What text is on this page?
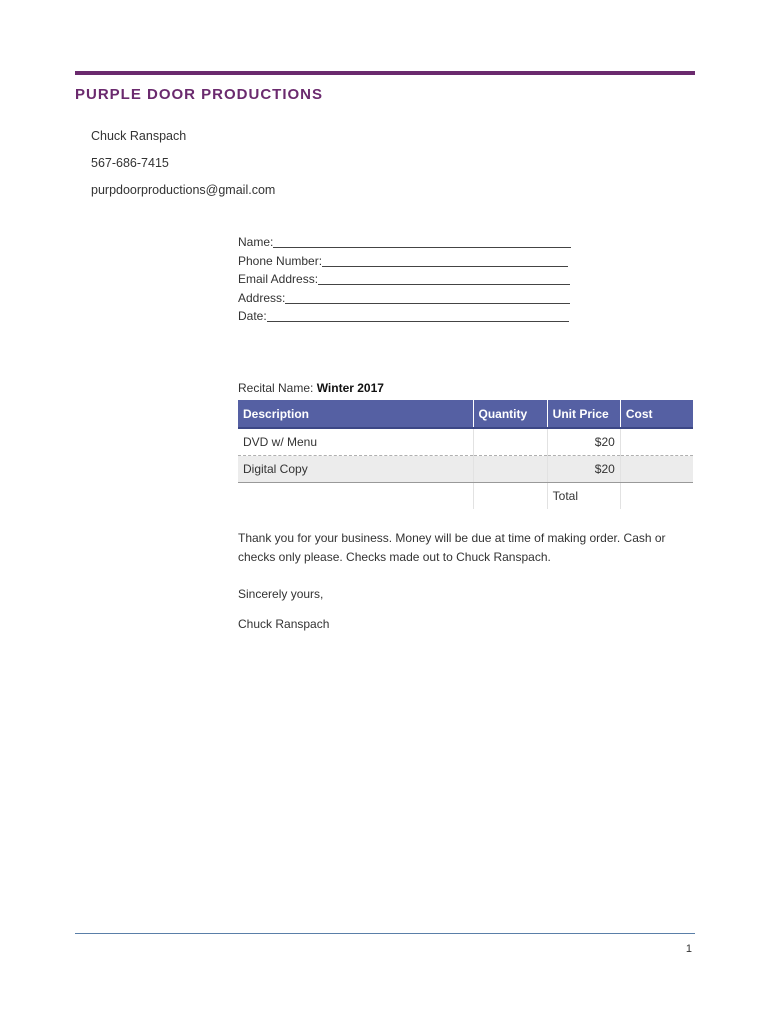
PURPLE DOOR PRODUCTIONS
Chuck Ranspach
567-686-7415
purpdoorproductions@gmail.com
Name:
Phone Number:
Email Address:
Address:
Date:
Recital Name: Winter 2017
Description	Quantity	Unit Price	Cost
DVD w/ Menu		$20	
Digital Copy		$20	
		Total	
Thank you for your business. Money will be due at time of making order. Cash or checks only please. Checks made out to Chuck Ranspach.
Sincerely yours,
Chuck Ranspach
1
